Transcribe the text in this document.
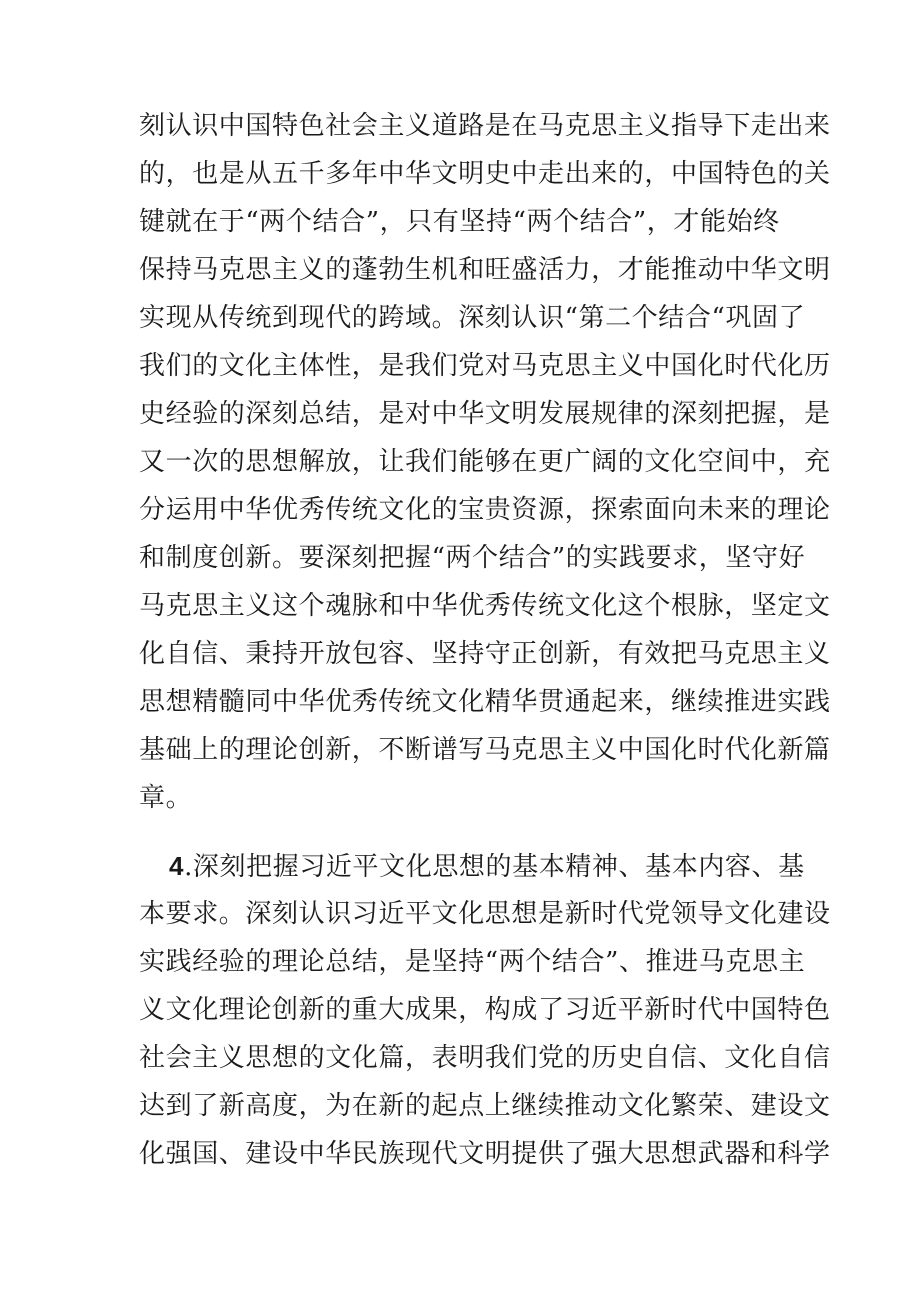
刻认识中国特色社会主义道路是在马克思主义指导下走出来
的，也是从五千多年中华文明史中走出来的，中国特色的关
键就在于“两个结合”，只有坚持“两个结合”，才能始终
保持马克思主义的蓬勃生机和旺盛活力，才能推动中华文明
实现从传统到现代的跨域。深刻认识“第二个结合“巩固了
我们的文化主体性，是我们党对马克思主义中国化时代化历
史经验的深刻总结，是对中华文明发展规律的深刻把握，是
又一次的思想解放，让我们能够在更广阔的文化空间中，充
分运用中华优秀传统文化的宝贵资源，探索面向未来的理论
和制度创新。要深刻把握“两个结合”的实践要求，坚守好
马克思主义这个魂脉和中华优秀传统文化这个根脉，坚定文
化自信、秉持开放包容、坚持守正创新，有效把马克思主义
思想精髓同中华优秀传统文化精华贯通起来，继续推进实践
基础上的理论创新，不断谱写马克思主义中国化时代化新篇
章。
4.深刻把握习近平文化思想的基本精神、基本内容、基
本要求。深刻认识习近平文化思想是新时代党领导文化建设
实践经验的理论总结，是坚持“两个结合”、推进马克思主
义文化理论创新的重大成果，构成了习近平新时代中国特色
社会主义思想的文化篇，表明我们党的历史自信、文化自信
达到了新高度，为在新的起点上继续推动文化繁荣、建设文
化强国、建设中华民族现代文明提供了强大思想武器和科学
